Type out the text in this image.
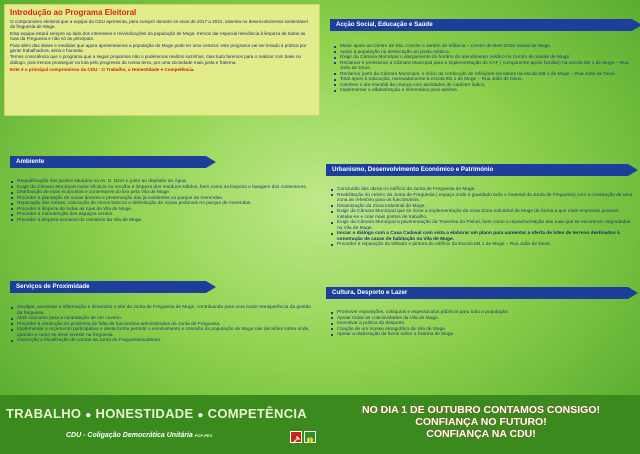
Introdução ao Programa Eleitoral

O compromisso eleitoral que a equipa da CDU apresenta, para cumprir durante os anos de 2017 a 2021, assenta no desenvolvimento sustentável da freguesia de Muge.

Esta equipa estará sempre ao lado dos interesses e reivindicações da população de Muge. Iremos dar especial relevância à limpeza de todas as ruas da Freguesia e não só às principais.

Para além das ideias e medidas que agora apresentamos a população de Muge pode ter uma certeza: este programa vai ser levado à prática por gente trabalhadora, séria e honesta.

Temos consciência que o programa que a seguir propomos não o poderemos realizar sozinhos, mas tudo faremos para o realizar com base no diálogo, pois iremos prosseguir na luta pelo progresso da nossa terra, por uma sociedade mais justa e fraterna.

Este é o principal compromisso da CDU : O Trabalho, a Honestidade e Competência.

Acção Social, Educação e Saúde
Maior apoio ao Centro de Dia, Creche e Jardim de Infância – Centro de Bem Estar Social de Muge.
Apoio à população na deslocação ao posto médico.
Exigir da Câmara Municipal o alargamento do horário do atendimento médico no Centro de Saúde de Muge.
Reclamar e pressionar a Câmara Municipal para a implementação do CAF ( componente apoio familiar) na escola EB 1 de Muge – Rua João de Deus.
Reclamar junto da Câmara Municipal, o início da confecção de refeições escolares na escola EB 1 de Muge – Rua João de Deus.
Total apoio à educação, nomeadamente à escola EB 1 de Muge – Rua João de Deus.
Celebrar o dia mundial da criança com atividades de carácter lúdico.
Implementar a alfabetização e informática para adultos.
Ambiente
Requalificação dos jardins situados na Av. D. Diniz e junto ao depósito da Água.
Exigir da Câmara Municipal maior eficácia na recolha e limpeza dos resíduos sólidos, bem como na limpeza e lavagem dos contentores.
Distribuição de mais ecopontos e contentores do lixo pela Vila de Muge.
Proceder à plantação de novas árvores e preservação das já existentes no parque de merendas.
Reparação das mesas, colocação de novos bancos e delimitação de zonas pedonais no parque de merendas.
Proceder à limpeza de todas as ruas da Vila de Muge.
Proceder à manutenção dos espaços verdes.
Proceder à limpeza semanal do cemitério da Vila de Muge.
Urbanismo, Desenvolvimento Económico e Património
Conclusão das obras no edifício da Junta de Freguesia de Muge.
Reabilitação do celeiro da Junta de Freguesia ( espaço onde é guardado todo o material da Junta de Freguesia) com a construção de uma zona de refeitório para os funcionários.
Dinamização da Zona Industrial de Muge.
Exigir da Câmara Municipal que se inicie a implementação da nova Zona Industrial de Muge de forma a que mais empresas possam instalar-se e criar mais postos de trabalho.
Exigir da Câmara Municipal a pavimentação da Travessa do Pinhal, bem como a repavimentação das ruas que se encontram degradadas na Vila de Muge.
Iniciar o diálogo com a Casa Cadaval com vista a elaborar um plano para aumentar a oferta de lotes de terreno destinados à construção de casas de habitação na Vila de Muge.
Proceder à reparação do telhado e pintura do edifício da Escola EB 1 de Muge – Rua João de Deus.
Serviços de Proximidade
Divulgar, aumentar a informação e dinamizar o site da Junta de Freguesia de Muge, contribuindo para uma maior transparência da gestão da freguesia.
Abrir concurso para a contratação de um coveiro.
Proceder à resolução do problema de falta de funcionária administrativa da Junta de Freguesia.
Implementar o orçamento participativo e desta forma permitir o envolvimento e consulta da população de Muge nas decisões sobre onde, quando e como se deve investir na freguesia.
Inspecção e fiscalização de contas da Junta de Freguesia/auditoria.
Cultura, Desporto e Lazer
Promover exposições, colóquios e espectaculos públicos para toda a população.
Apoiar todas as colectividades da Vila de Muge.
Incentivar a prática do desporto.
Criação de um museu etnográfico da Vila de Muge.
Apoiar a elaboração de livros sobre a história de Muge.
TRABALHO ● HONESTIDADE ● COMPETÊNCIA
CDU - Coligação Democrática Unitária PCP-PEV
NO DIA 1 DE OUTUBRO CONTAMOS CONSIGO!
CONFIANÇA NO FUTURO!
CONFIANÇA NA CDU!
